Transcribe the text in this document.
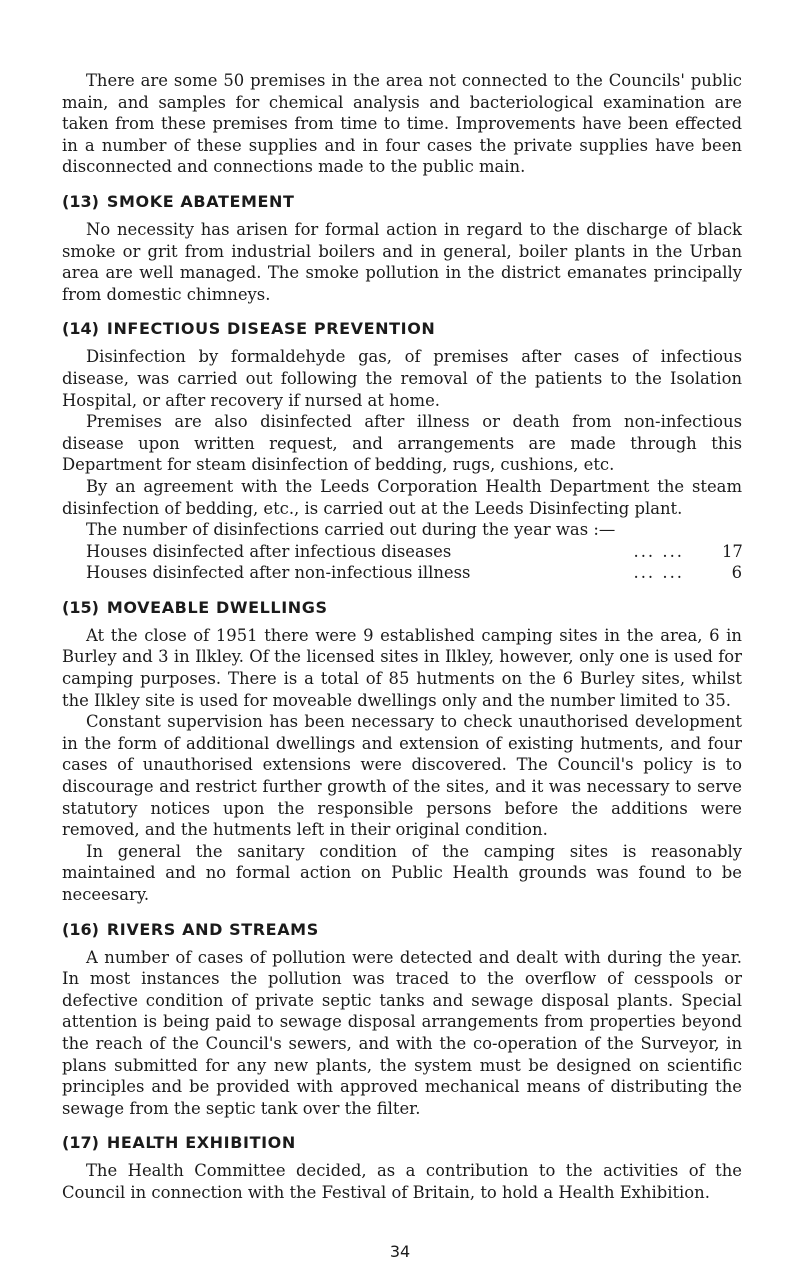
There are some 50 premises in the area not connected to the Councils' public main, and samples for chemical analysis and bacteriological examination are taken from these premises from time to time. Improvements have been effected in a number of these supplies and in four cases the private supplies have been disconnected and connections made to the public main.

(13) SMOKE ABATEMENT

No necessity has arisen for formal action in regard to the discharge of black smoke or grit from industrial boilers and in general, boiler plants in the Urban area are well managed. The smoke pollution in the district emanates principally from domestic chimneys.

(14) INFECTIOUS DISEASE PREVENTION

Disinfection by formaldehyde gas, of premises after cases of infectious disease, was carried out following the removal of the patients to the Isolation Hospital, or after recovery if nursed at home.

Premises are also disinfected after illness or death from non-infectious disease upon written request, and arrangements are made through this Department for steam disinfection of bedding, rugs, cushions, etc.

By an agreement with the Leeds Corporation Health Department the steam disinfection of bedding, etc., is carried out at the Leeds Disinfecting plant.

The number of disinfections carried out during the year was :—

Houses disinfected after infectious diseases	... ... 17
Houses disinfected after non-infectious illness	... ...	6
(15) MOVEABLE DWELLINGS

At the close of 1951 there were 9 established camping sites in the area, 6 in Burley and 3 in Ilkley. Of the licensed sites in Ilkley, however, only one is used for camping purposes. There is a total of 85 hutments on the 6 Burley sites, whilst the Ilkley site is used for moveable dwellings only and the number limited to 35.

Constant supervision has been necessary to check unauthorised development in the form of additional dwellings and extension of existing hutments, and four cases of unauthorised extensions were discovered. The Council's policy is to discourage and restrict further growth of the sites, and it was necessary to serve statutory notices upon the responsible persons before the additions were removed, and the hutments left in their original condition.

In general the sanitary condition of the camping sites is reasonably maintained and no formal action on Public Health grounds was found to be neceesary.

(16) RIVERS AND STREAMS

A number of cases of pollution were detected and dealt with during the year. In most instances the pollution was traced to the overflow of cesspools or defective condition of private septic tanks and sewage disposal plants. Special attention is being paid to sewage disposal arrangements from properties beyond the reach of the Council's sewers, and with the co-operation of the Surveyor, in plans submitted for any new plants, the system must be designed on scientific principles and be provided with approved mechanical means of distributing the sewage from the septic tank over the filter.

(17) HEALTH EXHIBITION

The Health Committee decided, as a contribution to the activities of the Council in connection with the Festival of Britain, to hold a Health Exhibition.

34
